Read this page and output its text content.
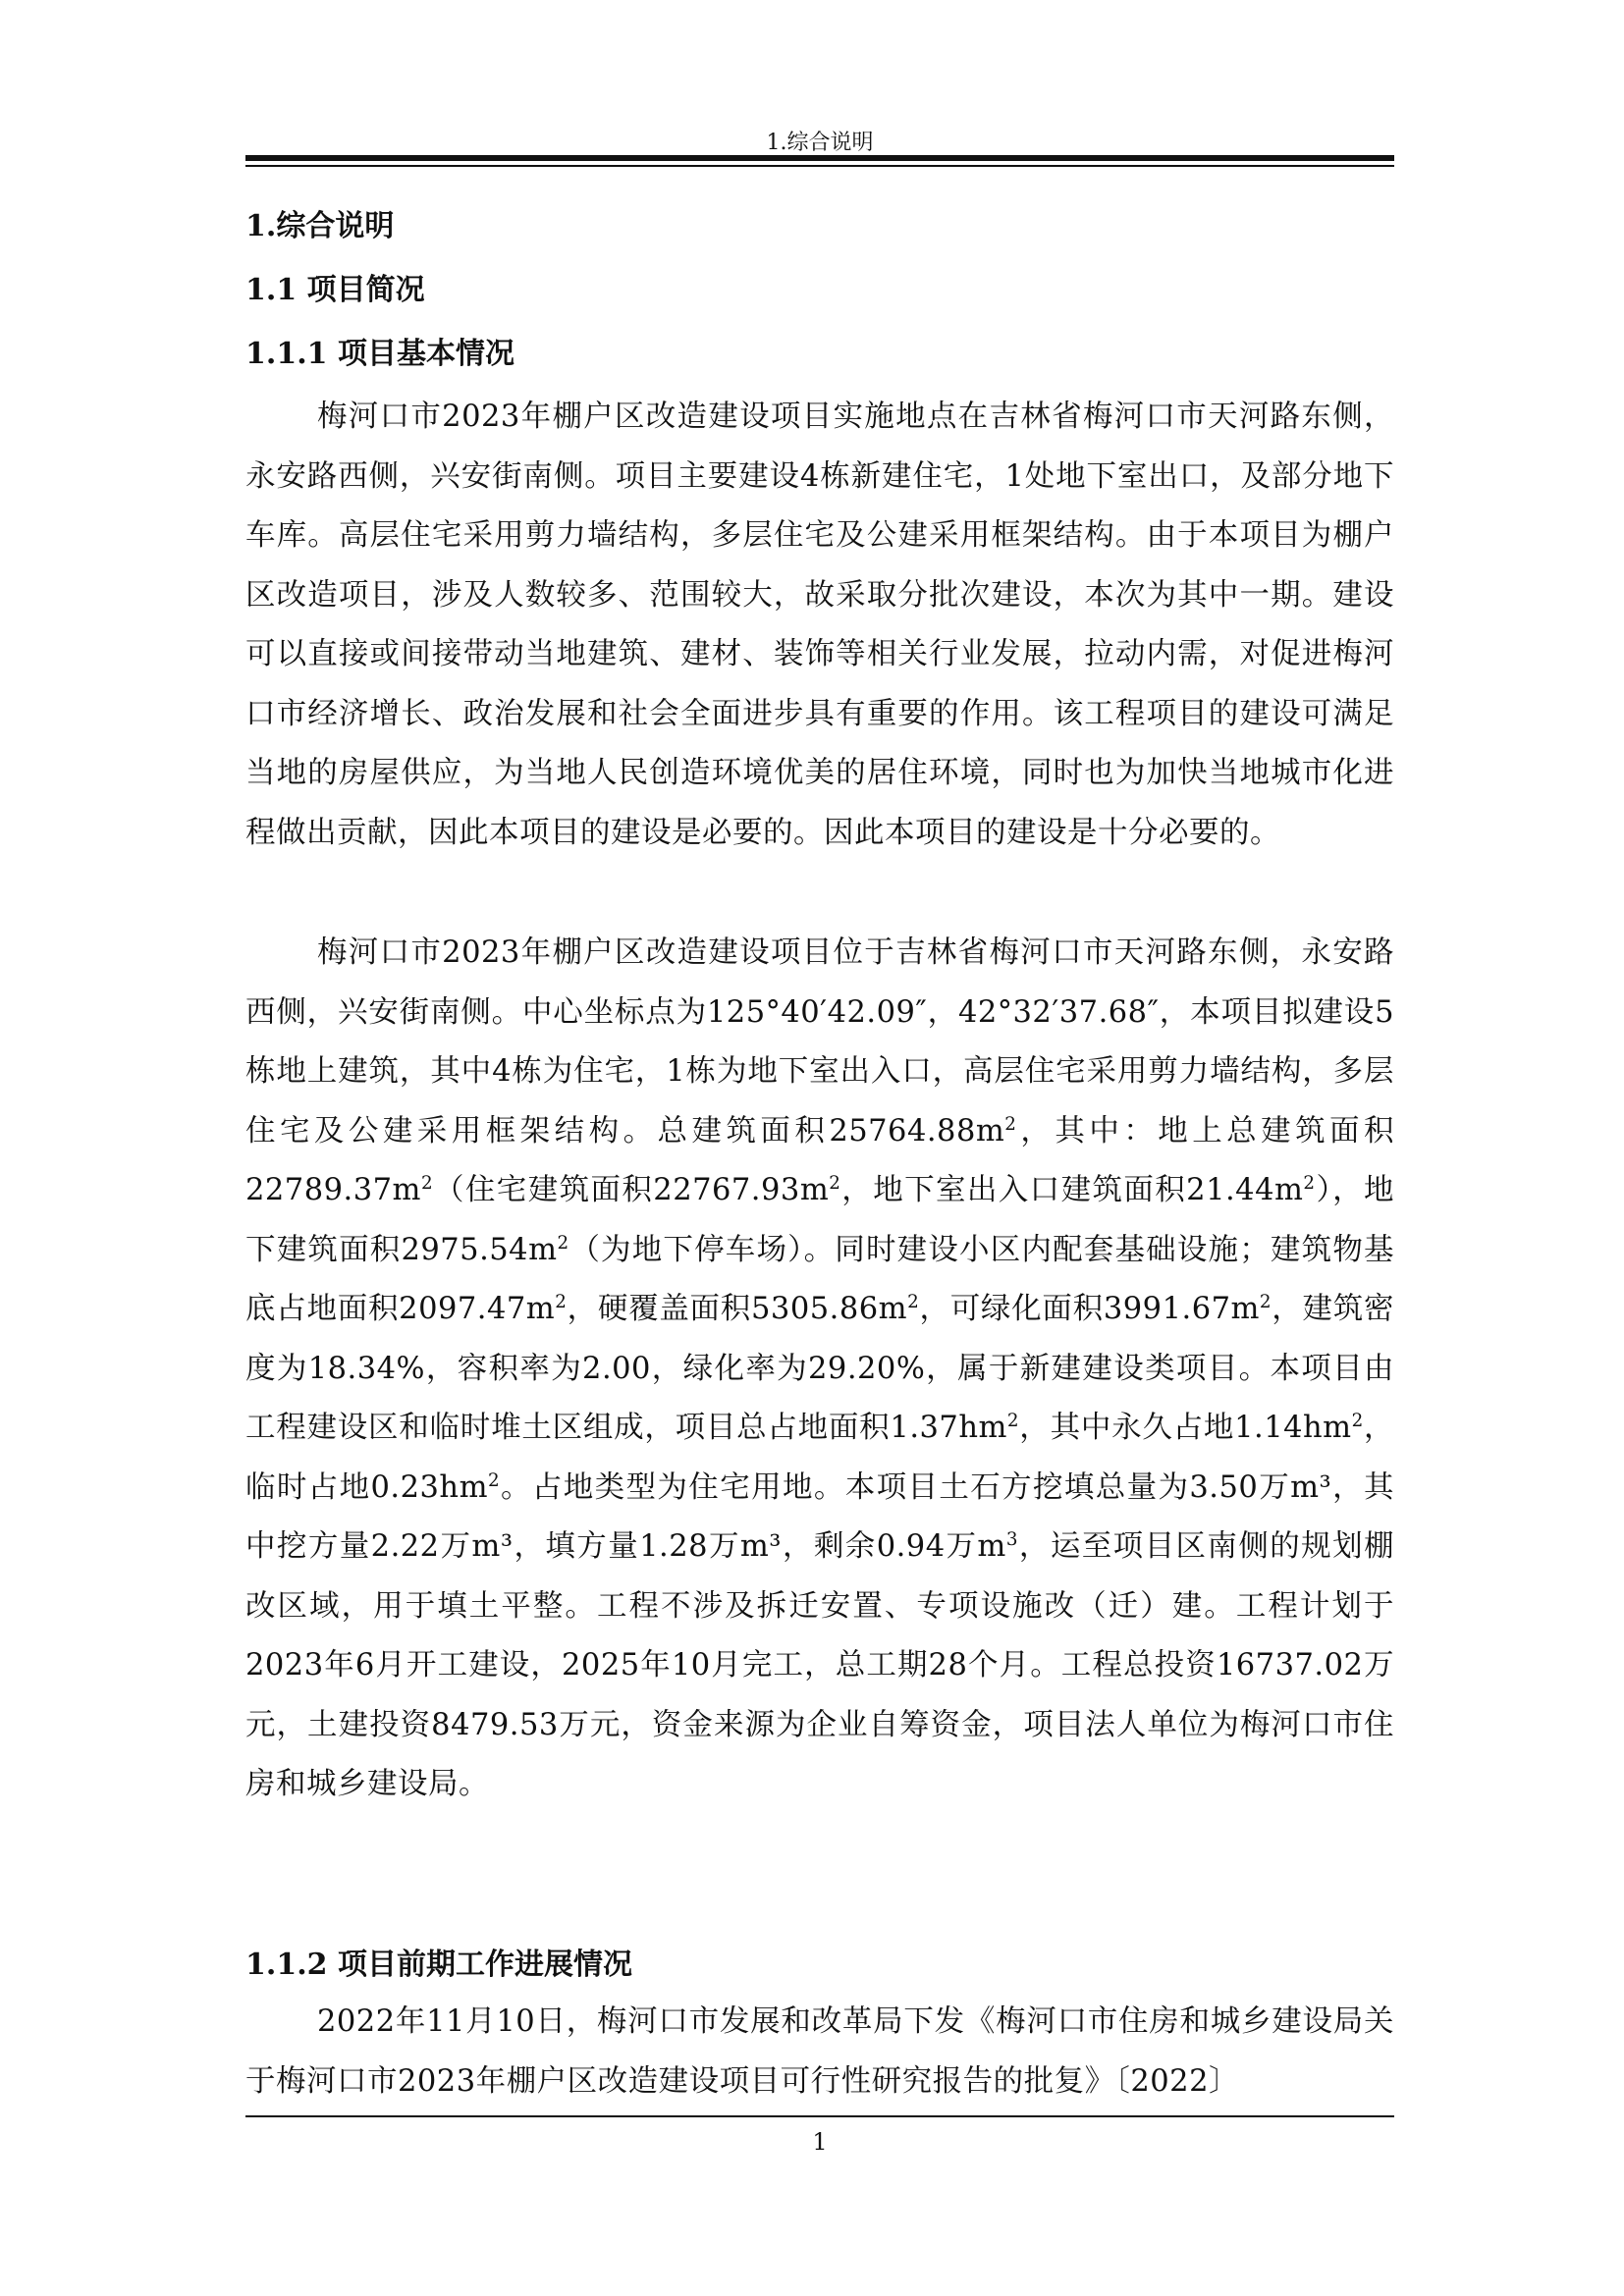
1.综合说明
1.综合说明
1.1 项目简况
1.1.1 项目基本情况

梅河口市2023年棚户区改造建设项目实施地点在吉林省梅河口市天河路东侧，永安路西侧，兴安街南侧。项目主要建设4栋新建住宅，1处地下室出口，及部分地下车库。高层住宅采用剪力墙结构，多层住宅及公建采用框架结构。由于本项目为棚户区改造项目，涉及人数较多、范围较大，故采取分批次建设，本次为其中一期。建设可以直接或间接带动当地建筑、建材、装饰等相关行业发展，拉动内需，对促进梅河口市经济增长、政治发展和社会全面进步具有重要的作用。该工程项目的建设可满足当地的房屋供应，为当地人民创造环境优美的居住环境，同时也为加快当地城市化进程做出贡献，因此本项目的建设是必要的。因此本项目的建设是十分必要的。

梅河口市2023年棚户区改造建设项目位于吉林省梅河口市天河路东侧，永安路西侧，兴安街南侧。中心坐标点为125°40′42.09″，42°32′37.68″，本项目拟建设5栋地上建筑，其中4栋为住宅，1栋为地下室出入口，高层住宅采用剪力墙结构，多层住宅及公建采用框架结构。总建筑面积$25764.88m^2$，其中：地上总建筑面积$22789.37m^2$（住宅建筑面积$22767.93m^2$，地下室出入口建筑面积$21.44m^2$），地下建筑面积$2975.54m^2$（为地下停车场）。同时建设小区内配套基础设施；建筑物基底占地面积$2097.47m^2$，硬覆盖面积$5305.86m^2$，可绿化面积$3991.67m^2$，建筑密度为18.34%，容积率为2.00，绿化率为29.20%，属于新建建设类项目。本项目由工程建设区和临时堆土区组成，项目总占地面积$1.37hm^2$，其中永久占地$1.14hm^2$，临时占地$0.23hm^2$。占地类型为住宅用地。本项目土石方挖填总量为3.50万m³，其中挖方量2.22万m³，填方量1.28万m³，剩余0.94万$m^3$，运至项目区南侧的规划棚改区域，用于填土平整。工程不涉及拆迁安置、专项设施改（迁）建。工程计划于2023年6月开工建设，2025年10月完工，总工期28个月。工程总投资16737.02万元，土建投资8479.53万元，资金来源为企业自筹资金，项目法人单位为梅河口市住房和城乡建设局。

1.1.2 项目前期工作进展情况

2022年11月10日，梅河口市发展和改革局下发《梅河口市住房和城乡建设局关于梅河口市2023年棚户区改造建设项目可行性研究报告的批复》〔2022〕

1
